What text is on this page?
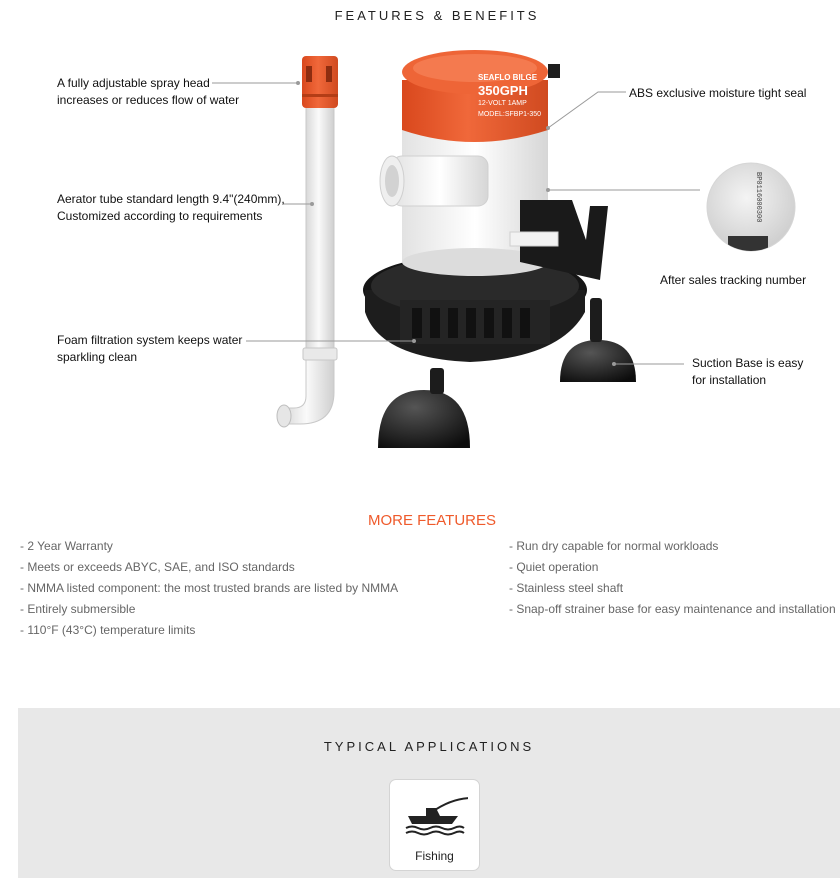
FEATURES & BENEFITS
SEAFLO BILGE
350GPH
12-VOLT 1AMP
MODEL:SFBP1-350
BP0116000300
A fully adjustable spray head
increases or reduces flow of water
Aerator tube standard length 9.4"(240mm),
Customized according to requirements
Foam filtration system keeps water
sparkling clean
ABS exclusive moisture tight seal
After sales tracking number
Suction Base is easy
for installation
MORE FEATURES
- 2 Year Warranty
- Meets or exceeds ABYC, SAE, and ISO standards
- NMMA listed component: the most trusted brands are listed by NMMA
- Entirely submersible
- 110°F (43°C) temperature limits
- Run dry capable for normal workloads
- Quiet operation
- Stainless steel shaft
- Snap-off strainer base for easy maintenance and installation
TYPICAL APPLICATIONS
Fishing
